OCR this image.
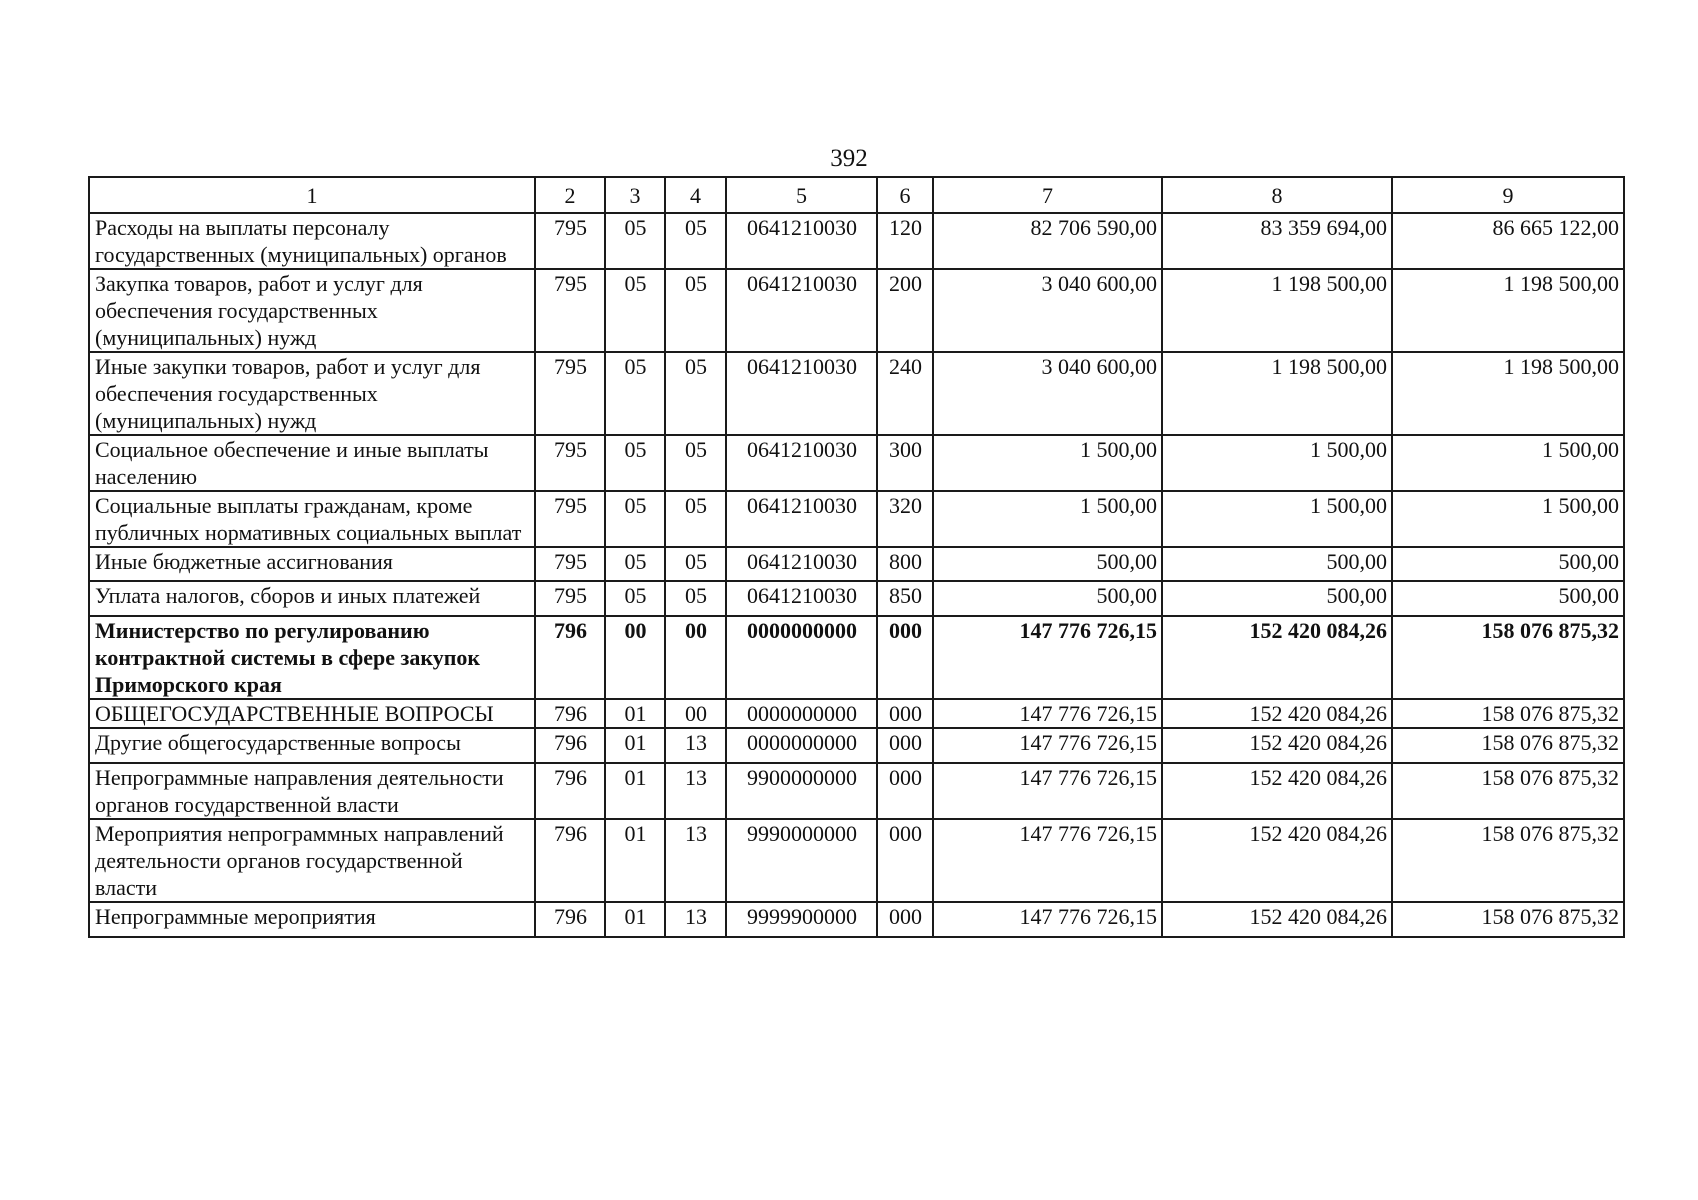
392
1	2	3	4	5	6	7	8	9
Расходы на выплаты персоналу государственных (муниципальных) органов	795	05	05	0641210030	120	82 706 590,00	83 359 694,00	86 665 122,00
Закупка товаров, работ и услуг для обеспечения государственных (муниципальных) нужд	795	05	05	0641210030	200	3 040 600,00	1 198 500,00	1 198 500,00
Иные закупки товаров, работ и услуг для обеспечения государственных (муниципальных) нужд	795	05	05	0641210030	240	3 040 600,00	1 198 500,00	1 198 500,00
Социальное обеспечение и иные выплаты населению	795	05	05	0641210030	300	1 500,00	1 500,00	1 500,00
Социальные выплаты гражданам, кроме публичных нормативных социальных выплат	795	05	05	0641210030	320	1 500,00	1 500,00	1 500,00
Иные бюджетные ассигнования	795	05	05	0641210030	800	500,00	500,00	500,00
Уплата налогов, сборов и иных платежей	795	05	05	0641210030	850	500,00	500,00	500,00
Министерство по регулированию контрактной системы в сфере закупок Приморского края	796	00	00	0000000000	000	147 776 726,15	152 420 084,26	158 076 875,32
ОБЩЕГОСУДАРСТВЕННЫЕ ВОПРОСЫ	796	01	00	0000000000	000	147 776 726,15	152 420 084,26	158 076 875,32
Другие общегосударственные вопросы	796	01	13	0000000000	000	147 776 726,15	152 420 084,26	158 076 875,32
Непрограммные направления деятельности органов государственной власти	796	01	13	9900000000	000	147 776 726,15	152 420 084,26	158 076 875,32
Мероприятия непрограммных направлений деятельности органов государственной власти	796	01	13	9990000000	000	147 776 726,15	152 420 084,26	158 076 875,32
Непрограммные мероприятия	796	01	13	9999900000	000	147 776 726,15	152 420 084,26	158 076 875,32
